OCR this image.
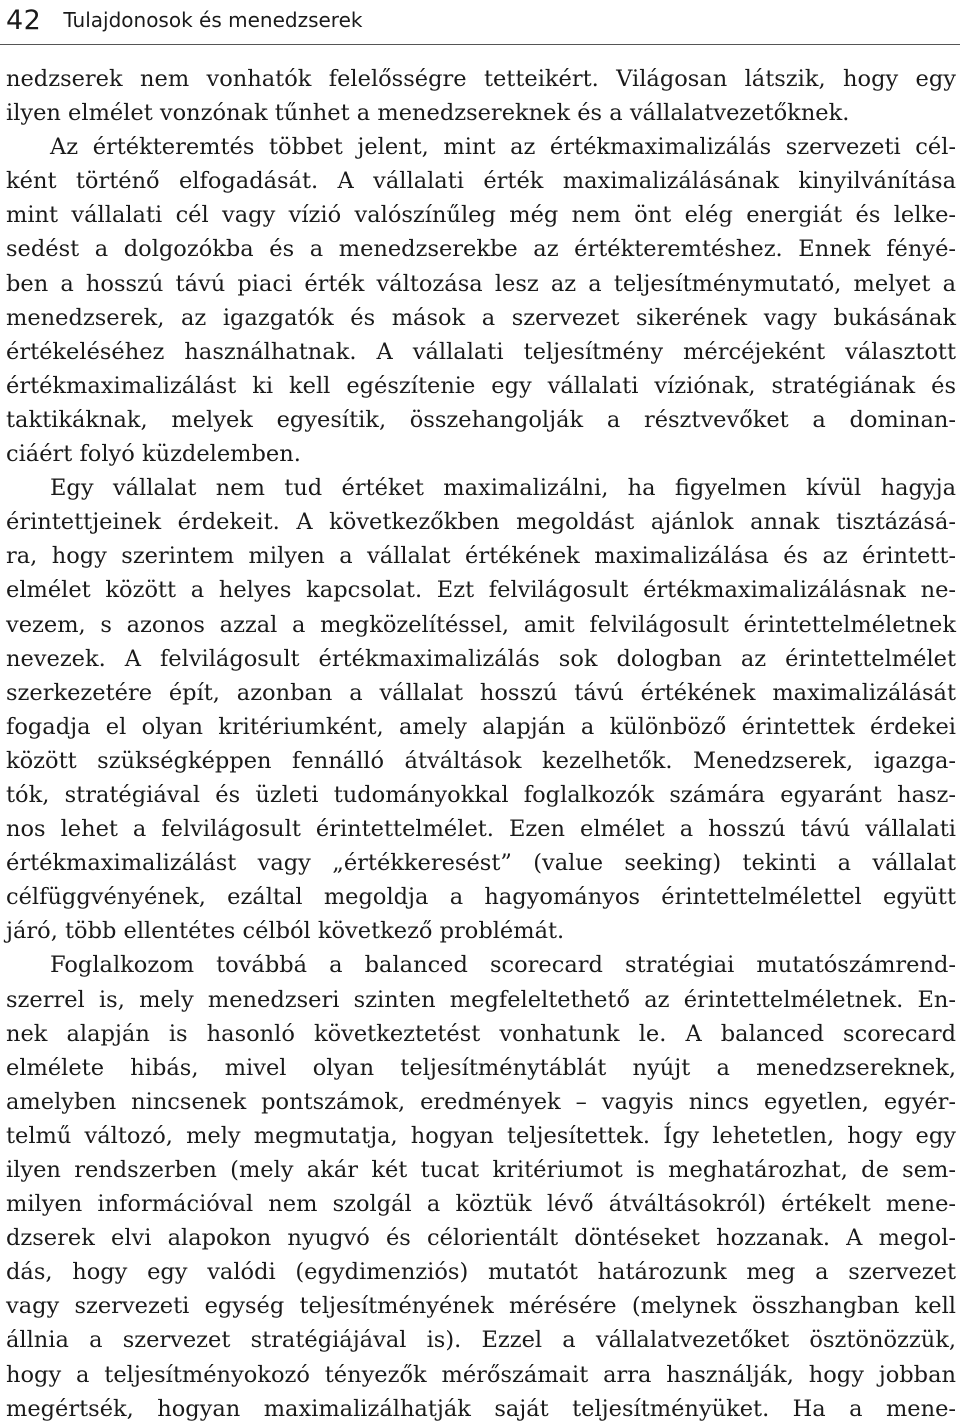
42 Tulajdonosok és menedzserek
nedzserek nem vonhatók felelősségre tetteikért. Világosan látszik, hogy egy
ilyen elmélet vonzónak tűnhet a menedzsereknek és a vállalatvezetőknek.
Az értékteremtés többet jelent, mint az értékmaximalizálás szervezeti cél-
ként történő elfogadását. A vállalati érték maximalizálásának kinyilvánítása
mint vállalati cél vagy vízió valószínűleg még nem önt elég energiát és lelke-
sedést a dolgozókba és a menedzserekbe az értékteremtéshez. Ennek fényé-
ben a hosszú távú piaci érték változása lesz az a teljesítménymutató, melyet a
menedzserek, az igazgatók és mások a szervezet sikerének vagy bukásának
értékeléséhez használhatnak. A vállalati teljesítmény mércéjeként választott
értékmaximalizálást ki kell egészítenie egy vállalati víziónak, stratégiának és
taktikáknak, melyek egyesítik, összehangolják a résztvevőket a dominan-
ciáért folyó küzdelemben.
Egy vállalat nem tud értéket maximalizálni, ha figyelmen kívül hagyja
érintettjeinek érdekeit. A következőkben megoldást ajánlok annak tisztázásá-
ra, hogy szerintem milyen a vállalat értékének maximalizálása és az érintett-
elmélet között a helyes kapcsolat. Ezt felvilágosult értékmaximalizálásnak ne-
vezem, s azonos azzal a megközelítéssel, amit felvilágosult érintettelméletnek
nevezek. A felvilágosult értékmaximalizálás sok dologban az érintettelmélet
szerkezetére épít, azonban a vállalat hosszú távú értékének maximalizálását
fogadja el olyan kritériumként, amely alapján a különböző érintettek érdekei
között szükségképpen fennálló átváltások kezelhetők. Menedzserek, igazga-
tók, stratégiával és üzleti tudományokkal foglalkozók számára egyaránt hasz-
nos lehet a felvilágosult érintettelmélet. Ezen elmélet a hosszú távú vállalati
értékmaximalizálást vagy „értékkeresést” (value seeking) tekinti a vállalat
célfüggvényének, ezáltal megoldja a hagyományos érintettelmélettel együtt
járó, több ellentétes célból következő problémát.
Foglalkozom továbbá a balanced scorecard stratégiai mutatószámrend-
szerrel is, mely menedzseri szinten megfeleltethető az érintettelméletnek. En-
nek alapján is hasonló következtetést vonhatunk le. A balanced scorecard
elmélete hibás, mivel olyan teljesítménytáblát nyújt a menedzsereknek,
amelyben nincsenek pontszámok, eredmények – vagyis nincs egyetlen, egyér-
telmű változó, mely megmutatja, hogyan teljesítettek. Így lehetetlen, hogy egy
ilyen rendszerben (mely akár két tucat kritériumot is meghatározhat, de sem-
milyen információval nem szolgál a köztük lévő átváltásokról) értékelt mene-
dzserek elvi alapokon nyugvó és célorientált döntéseket hozzanak. A megol-
dás, hogy egy valódi (egydimenziós) mutatót határozunk meg a szervezet
vagy szervezeti egység teljesítményének mérésére (melynek összhangban kell
állnia a szervezet stratégiájával is). Ezzel a vállalatvezetőket ösztönözzük,
hogy a teljesítményokozó tényezők mérőszámait arra használják, hogy jobban
megértsék, hogyan maximalizálhatják saját teljesítményüket. Ha a mene-
